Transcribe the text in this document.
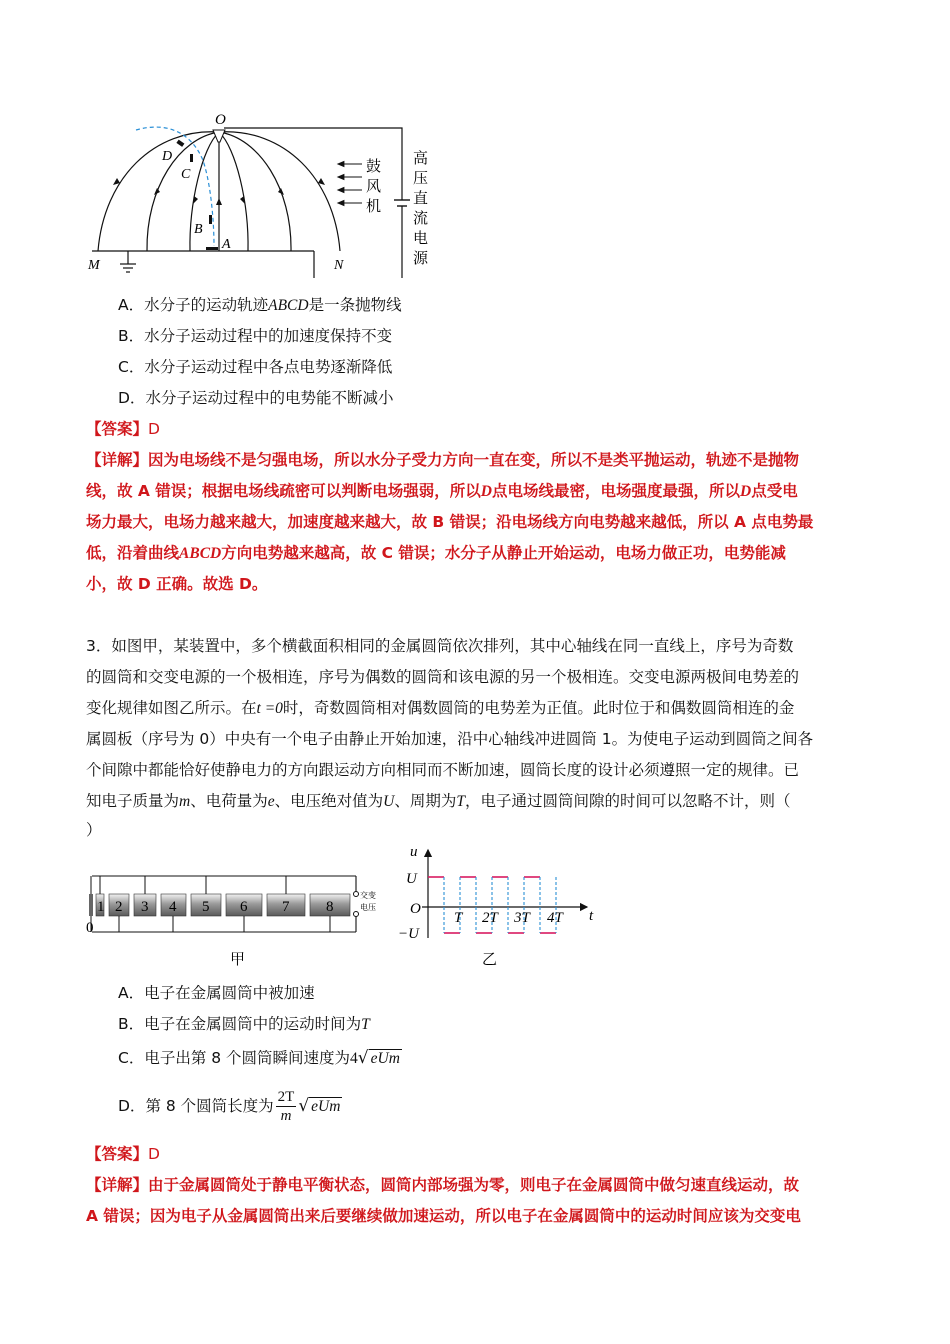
O
D
C
B
A
M	N
鼓
风
机
高
压
直
流
电
源
A．水分子的运动轨迹ABCD是一条抛物线
B．水分子运动过程中的加速度保持不变
C．水分子运动过程中各点电势逐渐降低
D．水分子运动过程中的电势能不断减小
【答案】D
【详解】因为电场线不是匀强电场，所以水分子受力方向一直在变，所以不是类平抛运动，轨迹不是抛物
线，故 A 错误；根据电场线疏密可以判断电场强弱，所以D点电场线最密，电场强度最强，所以D点受电
场力最大，电场力越来越大，加速度越来越大，故 B 错误；沿电场线方向电势越来越低，所以 A 点电势最
低，沿着曲线ABCD方向电势越来越高，故 C 错误；水分子从静止开始运动，电场力做正功，电势能减
小，故 D 正确。故选 D。
3．如图甲，某装置中，多个横截面积相同的金属圆筒依次排列，其中心轴线在同一直线上，序号为奇数
的圆筒和交变电源的一个极相连，序号为偶数的圆筒和该电源的另一个极相连。交变电源两极间电势差的
变化规律如图乙所示。在t =0时，奇数圆筒相对偶数圆筒的电势差为正值。此时位于和偶数圆筒相连的金
属圆板（序号为 0）中央有一个电子由静止开始加速，沿中心轴线冲进圆筒 1。为使电子运动到圆筒之间各
个间隙中都能恰好使静电力的方向跟运动方向相同而不断加速，圆筒长度的设计必须遵照一定的规律。已
知电子质量为m、电荷量为e、电压绝对值为U、周期为T，电子通过圆筒间隙的时间可以忽略不计，则（
）
1 2 3 4 5 6 7 8
0
交变
电压
甲
u
t
U
−U
O
T 2T 3T 4T
乙
A．电子在金属圆筒中被加速
B．电子在金属圆筒中的运动时间为T
C．电子出第 8 个圆筒瞬间速度为4√ eUm
D．第 8 个圆筒长度为 $\frac{2T}{m}$ √ eUm
【答案】D
【详解】由于金属圆筒处于静电平衡状态，圆筒内部场强为零，则电子在金属圆筒中做匀速直线运动，故
A 错误；因为电子从金属圆筒出来后要继续做加速运动，所以电子在金属圆筒中的运动时间应该为交变电
